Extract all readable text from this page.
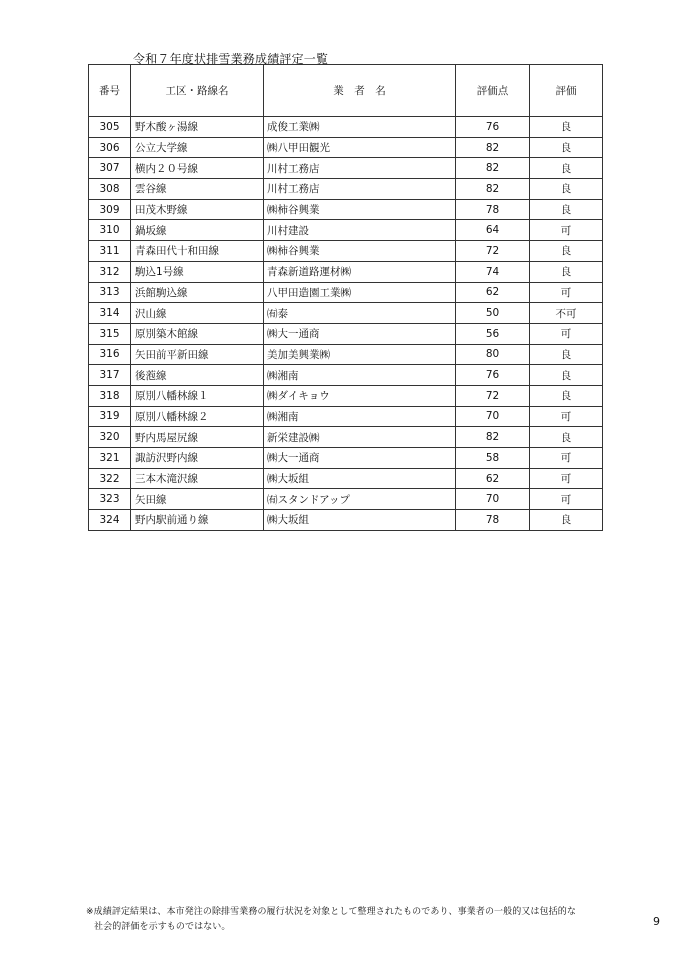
令和７年度状排雪業務成績評定一覧
番号	工区・路線名	業　者　名	評価点	評価
305	野木酸ヶ湯線	成俊工業㈱	76	良
306	公立大学線	㈱八甲田観光	82	良
307	横内２０号線	川村工務店	82	良
308	雲谷線	川村工務店	82	良
309	田茂木野線	㈱柿谷興業	78	良
310	鍋坂線	川村建設	64	可
311	青森田代十和田線	㈱柿谷興業	72	良
312	駒込1号線	青森新道路運材㈱	74	良
313	浜館駒込線	八甲田造園工業㈱	62	可
314	沢山線	㈲泰	50	不可
315	原別築木館線	㈱大一通商	56	可
316	矢田前平新田線	美加美興業㈱	80	良
317	後萢線	㈱湘南	76	良
318	原別八幡林線１	㈱ダイキョウ	72	良
319	原別八幡林線２	㈱湘南	70	可
320	野内馬屋尻線	新栄建設㈱	82	良
321	諏訪沢野内線	㈱大一通商	58	可
322	三本木滝沢線	㈱大坂組	62	可
323	矢田線	㈲スタンドアップ	70	可
324	野内駅前通り線	㈱大坂組	78	良
※成績評定結果は、本市発注の除排雪業務の履行状況を対象として整理されたものであり、事業者の一般的又は包括的な
社会的評価を示すものではない。	9
